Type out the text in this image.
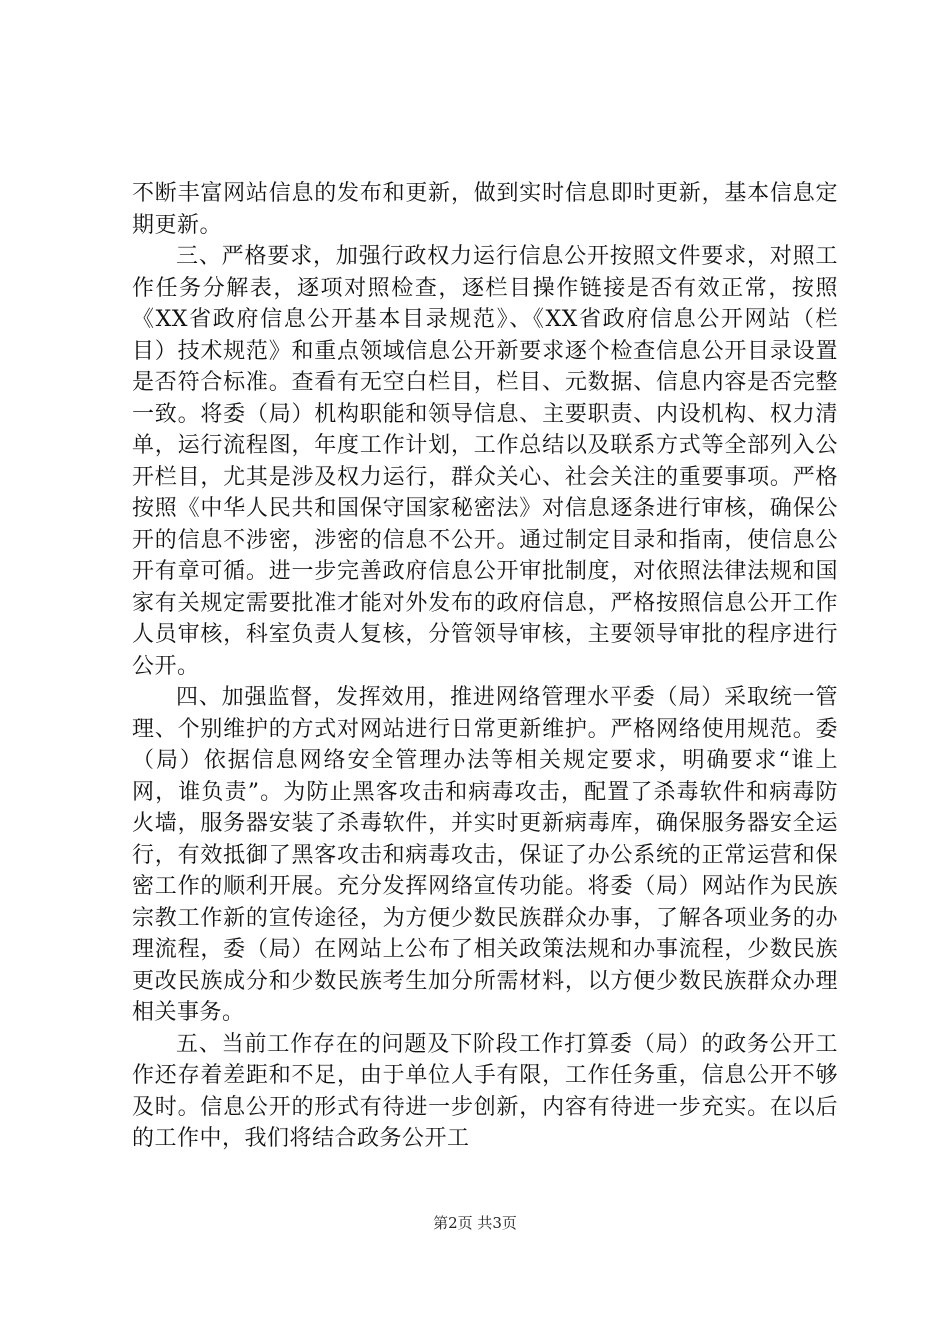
不断丰富网站信息的发布和更新，做到实时信息即时更新，基本信息定期更新。

三、严格要求，加强行政权力运行信息公开按照文件要求，对照工作任务分解表，逐项对照检查，逐栏目操作链接是否有效正常，按照《XX省政府信息公开基本目录规范》、《XX省政府信息公开网站（栏目）技术规范》和重点领域信息公开新要求逐个检查信息公开目录设置是否符合标准。查看有无空白栏目，栏目、元数据、信息内容是否完整一致。将委（局）机构职能和领导信息、主要职责、内设机构、权力清单，运行流程图，年度工作计划，工作总结以及联系方式等全部列入公开栏目，尤其是涉及权力运行，群众关心、社会关注的重要事项。严格按照《中华人民共和国保守国家秘密法》对信息逐条进行审核，确保公开的信息不涉密，涉密的信息不公开。通过制定目录和指南，使信息公开有章可循。进一步完善政府信息公开审批制度，对依照法律法规和国家有关规定需要批准才能对外发布的政府信息，严格按照信息公开工作人员审核，科室负责人复核，分管领导审核，主要领导审批的程序进行公开。

四、加强监督，发挥效用，推进网络管理水平委（局）采取统一管理、个别维护的方式对网站进行日常更新维护。严格网络使用规范。委（局）依据信息网络安全管理办法等相关规定要求，明确要求“谁上网，谁负责”。为防止黑客攻击和病毒攻击，配置了杀毒软件和病毒防火墙，服务器安装了杀毒软件，并实时更新病毒库，确保服务器安全运行，有效抵御了黑客攻击和病毒攻击，保证了办公系统的正常运营和保密工作的顺利开展。充分发挥网络宣传功能。将委（局）网站作为民族宗教工作新的宣传途径，为方便少数民族群众办事，了解各项业务的办理流程，委（局）在网站上公布了相关政策法规和办事流程，少数民族更改民族成分和少数民族考生加分所需材料，以方便少数民族群众办理相关事务。

五、当前工作存在的问题及下阶段工作打算委（局）的政务公开工作还存着差距和不足，由于单位人手有限，工作任务重，信息公开不够及时。信息公开的形式有待进一步创新，内容有待进一步充实。在以后的工作中，我们将结合政务公开工

第2页 共3页
